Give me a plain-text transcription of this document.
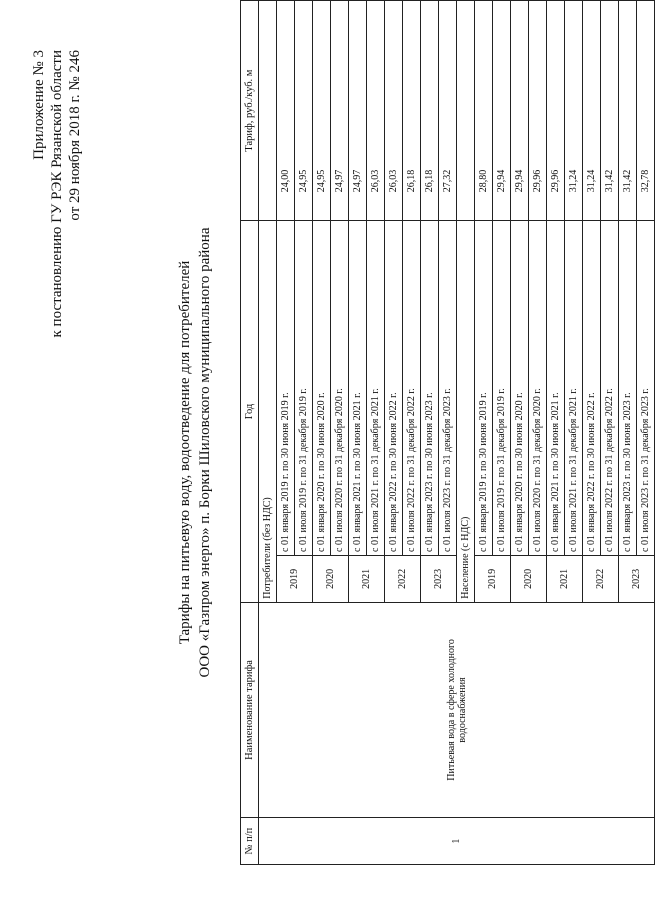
Приложение № 3 к постановлению ГУ РЭК Рязанской области от 29 ноября 2018 г. № 246
Тарифы на питьевую воду, водоотведение для потребителей ООО «Газпром энерго» п. Борки Шиловского муниципального района
№ п/п	Наименование тарифа	Год		Тариф, руб./куб. м
1	Питьевая вода в сфере холодного водоснабжения	Потребители (без НДС)		
		2019	с 01 января 2019 г. по 30 июня 2019 г.	24,00
			с 01 июля 2019 г. по 31 декабря 2019 г.	24,95
		2020	с 01 января 2020 г. по 30 июня 2020 г.	24,95
			с 01 июля 2020 г. по 31 декабря 2020 г.	24,97
		2021	с 01 января 2021 г. по 30 июня 2021 г.	24,97
			с 01 июля 2021 г. по 31 декабря 2021 г.	26,03
		2022	с 01 января 2022 г. по 30 июня 2022 г.	26,03
			с 01 июля 2022 г. по 31 декабря 2022 г.	26,18
		2023	с 01 января 2023 г. по 30 июня 2023 г.	26,18
			с 01 июля 2023 г. по 31 декабря 2023 г.	27,32
		Население (с НДС)		
		2019	с 01 января 2019 г. по 30 июня 2019 г.	28,80
			с 01 июля 2019 г. по 31 декабря 2019 г.	29,94
		2020	с 01 января 2020 г. по 30 июня 2020 г.	29,94
			с 01 июля 2020 г. по 31 декабря 2020 г.	29,96
		2021	с 01 января 2021 г. по 30 июня 2021 г.	29,96
			с 01 июля 2021 г. по 31 декабря 2021 г.	31,24
		2022	с 01 января 2022 г. по 30 июня 2022 г.	31,24
			с 01 июля 2022 г. по 31 декабря 2022 г.	31,42
		2023	с 01 января 2023 г. по 30 июня 2023 г.	31,42
			с 01 июля 2023 г. по 31 декабря 2023 г.	32,78
